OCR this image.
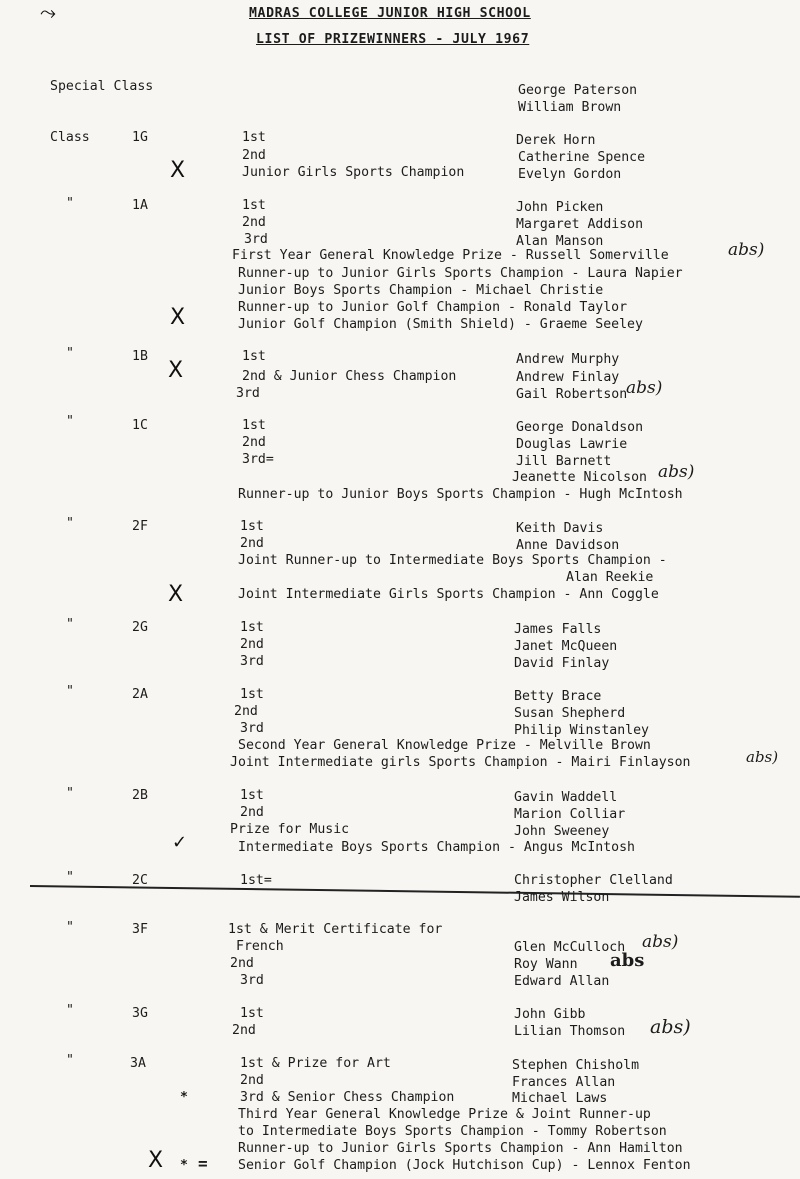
⤳	MADRAS COLLEGE JUNIOR HIGH SCHOOL
LIST OF PRIZEWINNERS - JULY 1967
Special Class	George Paterson
William Brown
Class	1G	1st	Derek Horn
2nd	Catherine Spence
X	Junior Girls Sports Champion	Evelyn Gordon
"	1A	1st	John Picken
2nd	Margaret Addison
3rd	Alan Manson
First Year General Knowledge Prize - Russell Somerville	abs)
Runner-up to Junior Girls Sports Champion - Laura Napier
Junior Boys Sports Champion - Michael Christie
Runner-up to Junior Golf Champion - Ronald Taylor
X	Junior Golf Champion (Smith Shield) - Graeme Seeley
"	1B	1st	Andrew Murphy
X	2nd & Junior Chess Champion	Andrew Finlay
3rd	Gail Robertson
abs)
"	1C	1st	George Donaldson
2nd	Douglas Lawrie
3rd=	Jill Barnett
Jeanette Nicolson abs)
Runner-up to Junior Boys Sports Champion - Hugh McIntosh
"	2F	1st	Keith Davis
2nd	Anne Davidson
Joint Runner-up to Intermediate Boys Sports Champion -
Alan Reekie
X	Joint Intermediate Girls Sports Champion - Ann Coggle
"	2G	1st	James Falls
2nd	Janet McQueen
3rd	David Finlay
"	2A	1st	Betty Brace
2nd	Susan Shepherd
3rd	Philip Winstanley
Second Year General Knowledge Prize - Melville Brown
Joint Intermediate girls Sports Champion - Mairi Finlayson	abs)
"	2B	1st	Gavin Waddell
2nd	Marion Colliar
Prize for Music	John Sweeney
✓	Intermediate Boys Sports Champion - Angus McIntosh
"	2C	1st=	Christopher Clelland
James Wilson
"	3F	1st & Merit Certificate for
French	Glen McCulloch abs)
2nd	Roy Wann abs
3rd	Edward Allan
"	3G	1st	John Gibb
2nd	Lilian Thomson abs)
"	3A	1st & Prize for Art	Stephen Chisholm
2nd	Frances Allan
*	3rd & Senior Chess Champion	Michael Laws
Third Year General Knowledge Prize & Joint Runner-up
to Intermediate Boys Sports Champion - Tommy Robertson
Runner-up to Junior Girls Sports Champion - Ann Hamilton
X * = Senior Golf Champion (Jock Hutchison Cup) - Lennox Fenton
